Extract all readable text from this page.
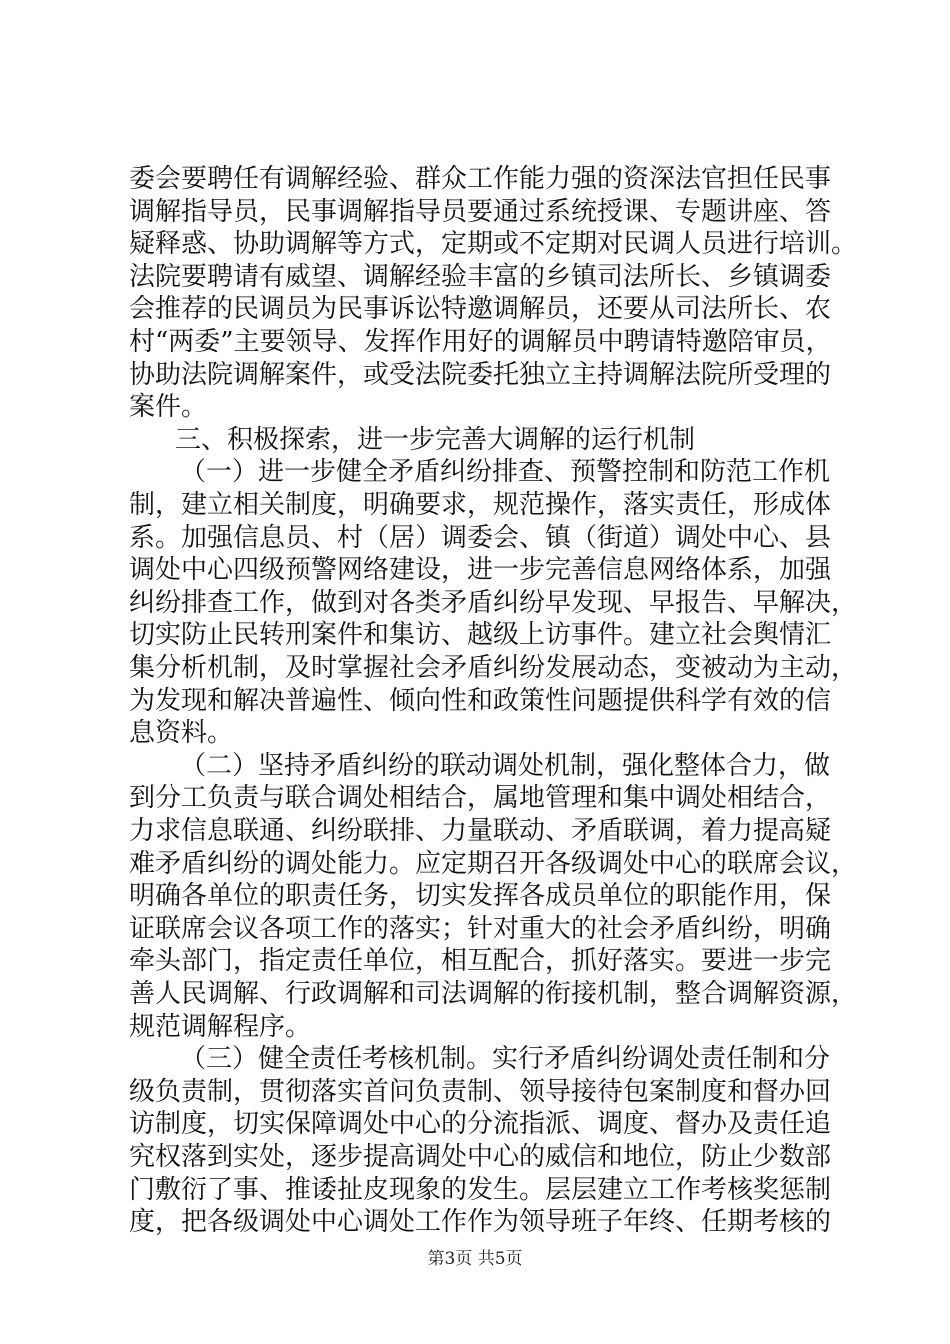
委会要聘任有调解经验、群众工作能力强的资深法官担任民事
调解指导员，民事调解指导员要通过系统授课、专题讲座、答
疑释惑、协助调解等方式，定期或不定期对民调人员进行培训。
法院要聘请有威望、调解经验丰富的乡镇司法所长、乡镇调委
会推荐的民调员为民事诉讼特邀调解员，还要从司法所长、农
村“两委”主要领导、发挥作用好的调解员中聘请特邀陪审员，
协助法院调解案件，或受法院委托独立主持调解法院所受理的
案件。
三、积极探索，进一步完善大调解的运行机制
（一）进一步健全矛盾纠纷排查、预警控制和防范工作机
制，建立相关制度，明确要求，规范操作，落实责任，形成体
系。加强信息员、村（居）调委会、镇（街道）调处中心、县
调处中心四级预警网络建设，进一步完善信息网络体系，加强
纠纷排查工作，做到对各类矛盾纠纷早发现、早报告、早解决，
切实防止民转刑案件和集访、越级上访事件。建立社会舆情汇
集分析机制，及时掌握社会矛盾纠纷发展动态，变被动为主动，
为发现和解决普遍性、倾向性和政策性问题提供科学有效的信
息资料。
（二）坚持矛盾纠纷的联动调处机制，强化整体合力，做
到分工负责与联合调处相结合，属地管理和集中调处相结合，
力求信息联通、纠纷联排、力量联动、矛盾联调，着力提高疑
难矛盾纠纷的调处能力。应定期召开各级调处中心的联席会议，
明确各单位的职责任务，切实发挥各成员单位的职能作用，保
证联席会议各项工作的落实；针对重大的社会矛盾纠纷，明确
牵头部门，指定责任单位，相互配合，抓好落实。要进一步完
善人民调解、行政调解和司法调解的衔接机制，整合调解资源，
规范调解程序。
（三）健全责任考核机制。实行矛盾纠纷调处责任制和分
级负责制，贯彻落实首问负责制、领导接待包案制度和督办回
访制度，切实保障调处中心的分流指派、调度、督办及责任追
究权落到实处，逐步提高调处中心的威信和地位，防止少数部
门敷衍了事、推诿扯皮现象的发生。层层建立工作考核奖惩制
度，把各级调处中心调处工作作为领导班子年终、任期考核的
第3页 共5页
